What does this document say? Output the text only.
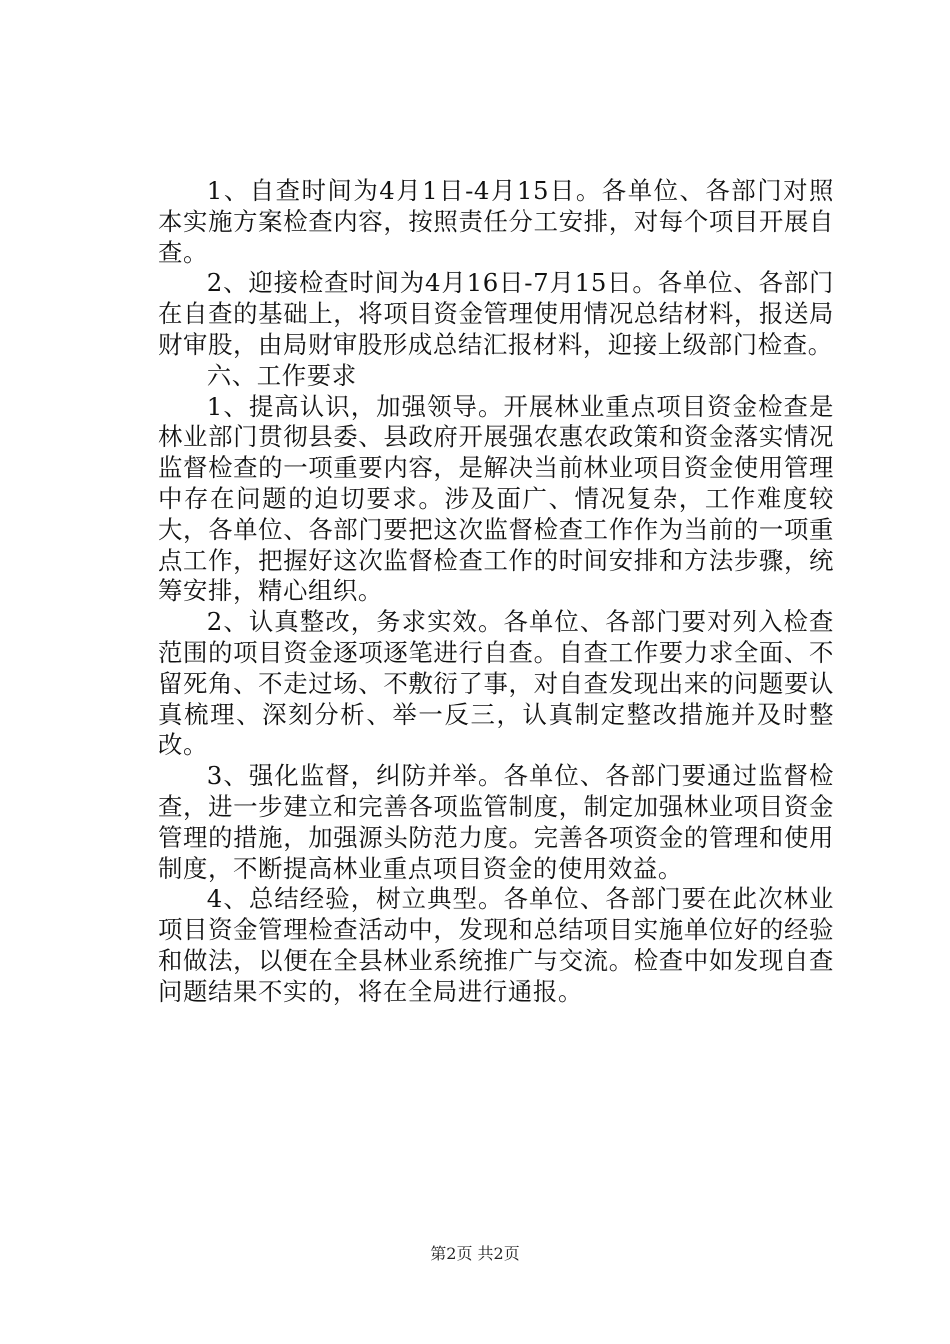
1、自查时间为4月1日-4月15日。各单位、各部门对照本实施方案检查内容，按照责任分工安排，对每个项目开展自查。

2、迎接检查时间为4月16日-7月15日。各单位、各部门在自查的基础上，将项目资金管理使用情况总结材料，报送局财审股，由局财审股形成总结汇报材料，迎接上级部门检查。

六、工作要求

1、提高认识，加强领导。开展林业重点项目资金检查是林业部门贯彻县委、县政府开展强农惠农政策和资金落实情况监督检查的一项重要内容，是解决当前林业项目资金使用管理中存在问题的迫切要求。涉及面广、情况复杂，工作难度较大，各单位、各部门要把这次监督检查工作作为当前的一项重点工作，把握好这次监督检查工作的时间安排和方法步骤，统筹安排，精心组织。

2、认真整改，务求实效。各单位、各部门要对列入检查范围的项目资金逐项逐笔进行自查。自查工作要力求全面、不留死角、不走过场、不敷衍了事，对自查发现出来的问题要认真梳理、深刻分析、举一反三，认真制定整改措施并及时整改。

3、强化监督，纠防并举。各单位、各部门要通过监督检查，进一步建立和完善各项监管制度，制定加强林业项目资金管理的措施，加强源头防范力度。完善各项资金的管理和使用制度，不断提高林业重点项目资金的使用效益。

4、总结经验，树立典型。各单位、各部门要在此次林业项目资金管理检查活动中，发现和总结项目实施单位好的经验和做法，以便在全县林业系统推广与交流。检查中如发现自查问题结果不实的，将在全局进行通报。

第2页 共2页
